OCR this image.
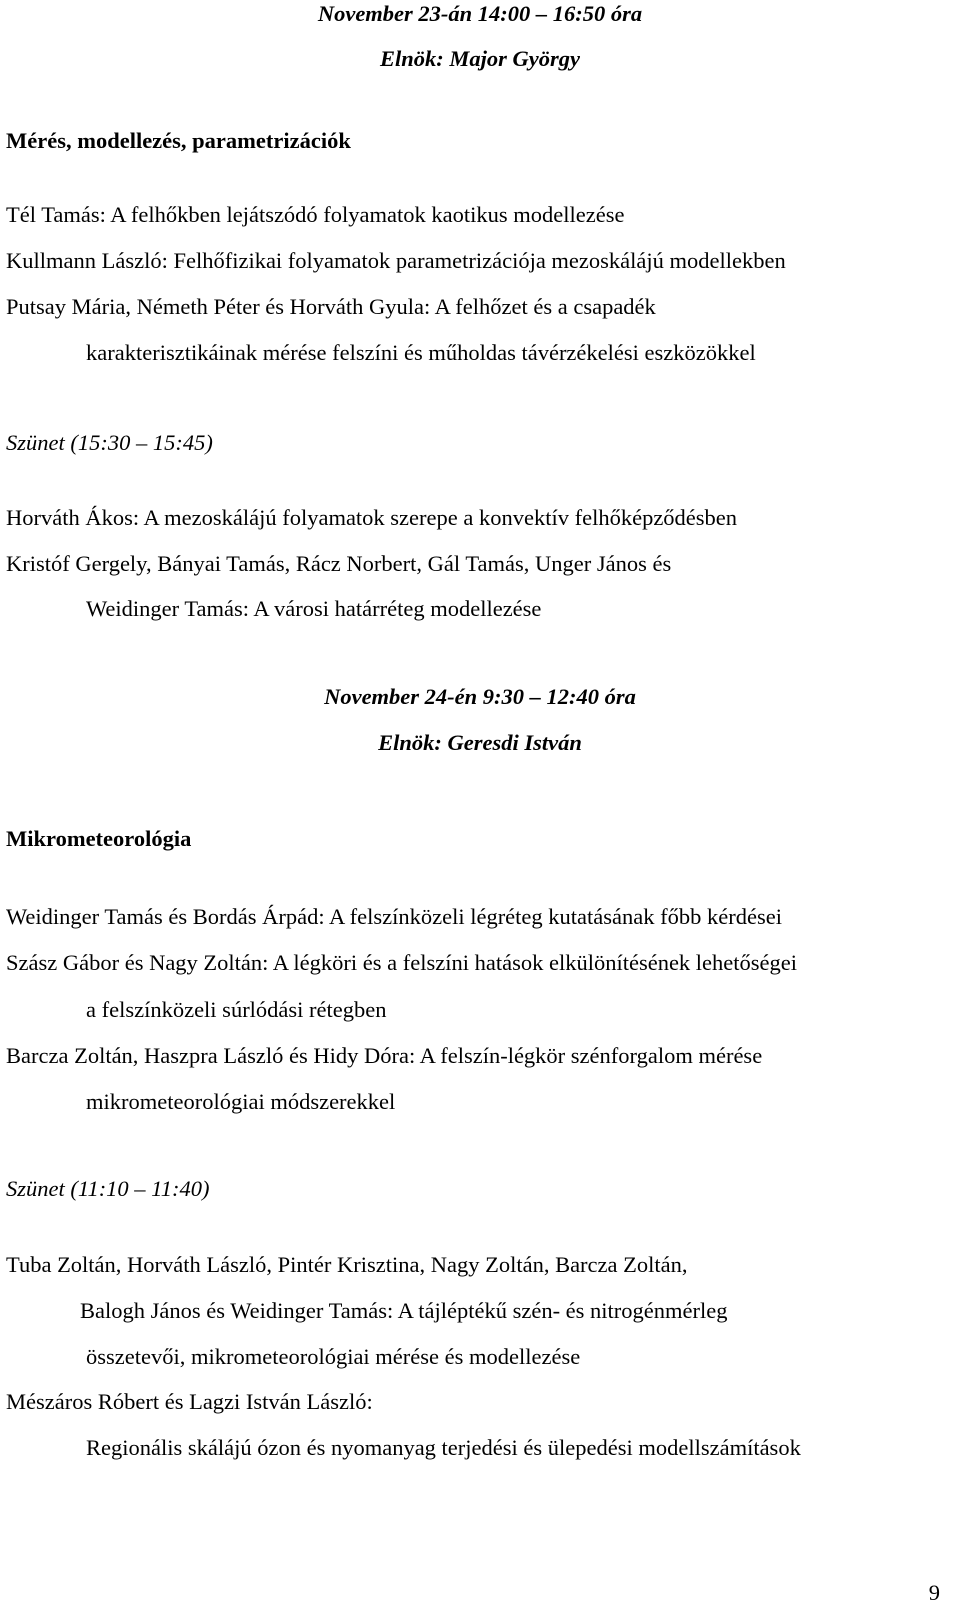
November 23-án 14:00 – 16:50 óra
Elnök: Major György
Mérés, modellezés, parametrizációk
Tél Tamás: A felhőkben lejátszódó folyamatok kaotikus modellezése
Kullmann László: Felhőfizikai folyamatok parametrizációja mezoskálájú modellekben
Putsay Mária, Németh Péter és Horváth Gyula: A felhőzet és a csapadék
karakterisztikáinak mérése felszíni és műholdas távérzékelési eszközökkel
Szünet (15:30 – 15:45)
Horváth Ákos: A mezoskálájú folyamatok szerepe a konvektív felhőképződésben
Kristóf Gergely, Bányai Tamás, Rácz Norbert, Gál Tamás, Unger János és
Weidinger Tamás: A városi határréteg modellezése
November 24-én 9:30 – 12:40 óra
Elnök: Geresdi István
Mikrometeorológia
Weidinger Tamás és Bordás Árpád: A felszínközeli légréteg kutatásának főbb kérdései
Szász Gábor és Nagy Zoltán: A légköri és a felszíni hatások elkülönítésének lehetőségei
a felszínközeli súrlódási rétegben
Barcza Zoltán, Haszpra László és Hidy Dóra: A felszín-légkör szénforgalom mérése
mikrometeorológiai módszerekkel
Szünet (11:10 – 11:40)
Tuba Zoltán, Horváth László, Pintér Krisztina, Nagy Zoltán, Barcza Zoltán,
Balogh János és Weidinger Tamás: A tájléptékű szén- és nitrogénmérleg
összetevői, mikrometeorológiai mérése és modellezése
Mészáros Róbert és Lagzi István László:
Regionális skálájú ózon és nyomanyag terjedési és ülepedési modellszámítások
9
